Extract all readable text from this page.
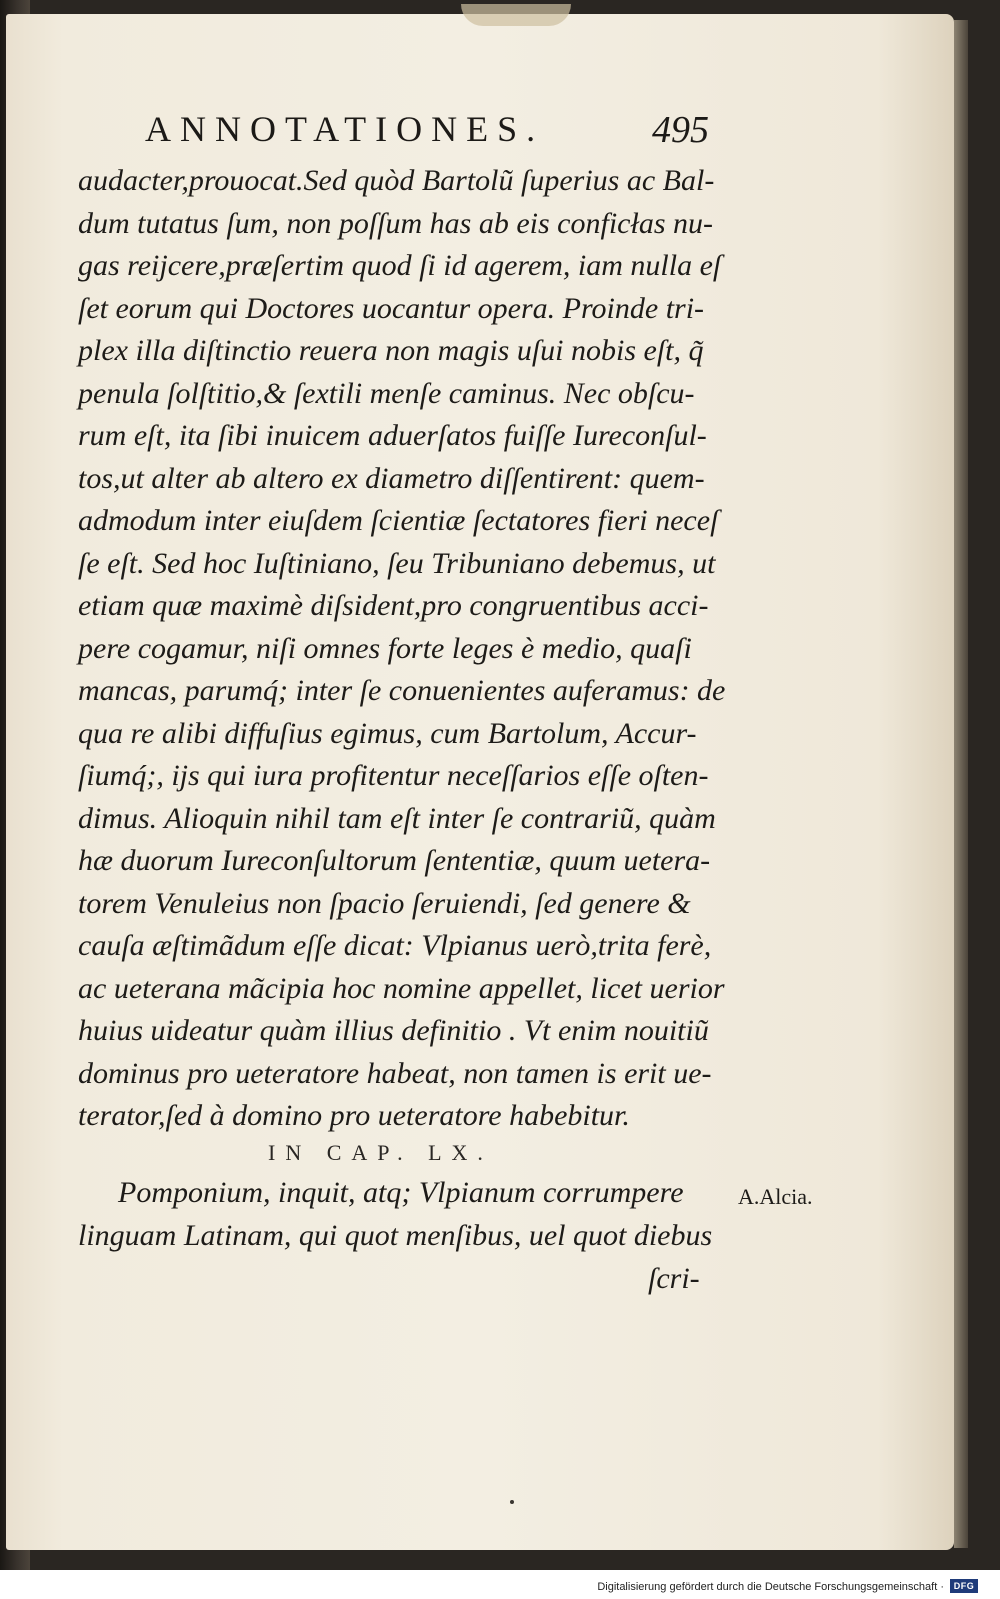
ANNOTATIONES.	495
audacter,prouocat.Sed quòd Bartolũ ſuperius ac Bal-
dum tutatus ſum, non poſſum has ab eis conficłas nu-
gas reijcere,præſertim quod ſi id agerem, iam nulla eſ
ſet eorum qui Doctores uocantur opera. Proinde tri-
plex illa diſtinctio reuera non magis uſui nobis eſt, q̃
penula ſolſtitio,& ſextili menſe caminus. Nec obſcu-
rum eſt, ita ſibi inuicem aduerſatos fuiſſe Iureconſul-
tos,ut alter ab altero ex diametro diſſentirent: quem-
admodum inter eiuſdem ſcientiæ ſectatores fieri neceſ
ſe eſt. Sed hoc Iuſtiniano, ſeu Tribuniano debemus, ut
etiam quæ maximè diſsident,pro congruentibus acci-
pere cogamur, niſi omnes forte leges è medio, quaſi
mancas, parumq́; inter ſe conuenientes auferamus: de
qua re alibi diffuſius egimus, cum Bartolum, Accur-
ſiumq́;, ijs qui iura profitentur neceſſarios eſſe oſten-
dimus. Alioquin nihil tam eſt inter ſe contrariũ, quàm
hæ duorum Iureconſultorum ſententiæ, quum uetera-
torem Venuleius non ſpacio ſeruiendi, ſed genere &
cauſa æſtimãdum eſſe dicat: Vlpianus uerò,trita ferè,
ac ueterana mãcipia hoc nomine appellet, licet uerior
huius uideatur quàm illius definitio . Vt enim nouitiũ
dominus pro ueteratore habeat, non tamen is erit ue-
terator,ſed à domino pro ueteratore habebitur.
IN CAP. LX.
Pomponium, inquit, atq; Vlpianum corrumpere
linguam Latinam, qui quot menſibus, uel quot diebus
A.Alcia.
ſcri-
Digitalisierung gefördert durch die Deutsche Forschungsgemeinschaft ·	DFG
